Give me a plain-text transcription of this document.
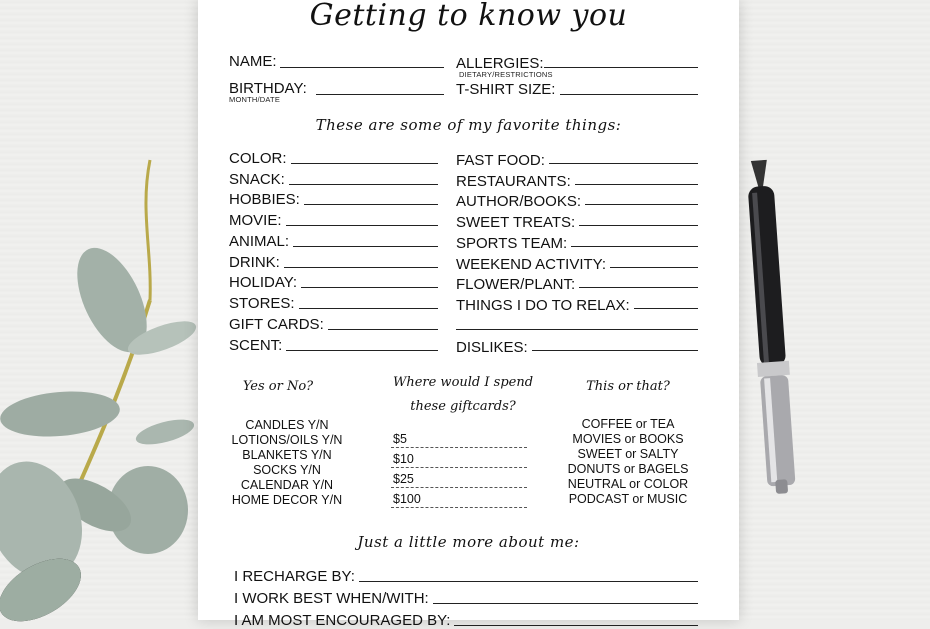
Getting to know you
NAME:
BIRTHDAY:
MONTH/DATE
ALLERGIES:
DIETARY/RESTRICTIONS
T-SHIRT SIZE:
These are some of my favorite things:
Yes or No?	Where would I spend
these giftcards?
This or that?
Just a little more about me:
COLOR:
SNACK:
HOBBIES:
MOVIE:
ANIMAL:
DRINK:
HOLIDAY:
STORES:
GIFT CARDS:
SCENT:
FAST FOOD:
RESTAURANTS:
AUTHOR/BOOKS:
SWEET TREATS:
SPORTS TEAM:
WEEKEND ACTIVITY:
FLOWER/PLANT:
THINGS I DO TO RELAX:
DISLIKES:
CANDLES Y/N
LOTIONS/OILS Y/N
BLANKETS Y/N
SOCKS Y/N
CALENDAR Y/N
HOME DECOR Y/N
$5
$10
$25
$100
COFFEE or TEA
MOVIES or BOOKS
SWEET or SALTY
DONUTS or BAGELS
NEUTRAL or COLOR
PODCAST or MUSIC
I RECHARGE BY:
I WORK BEST WHEN/WITH:
I AM MOST ENCOURAGED BY:
